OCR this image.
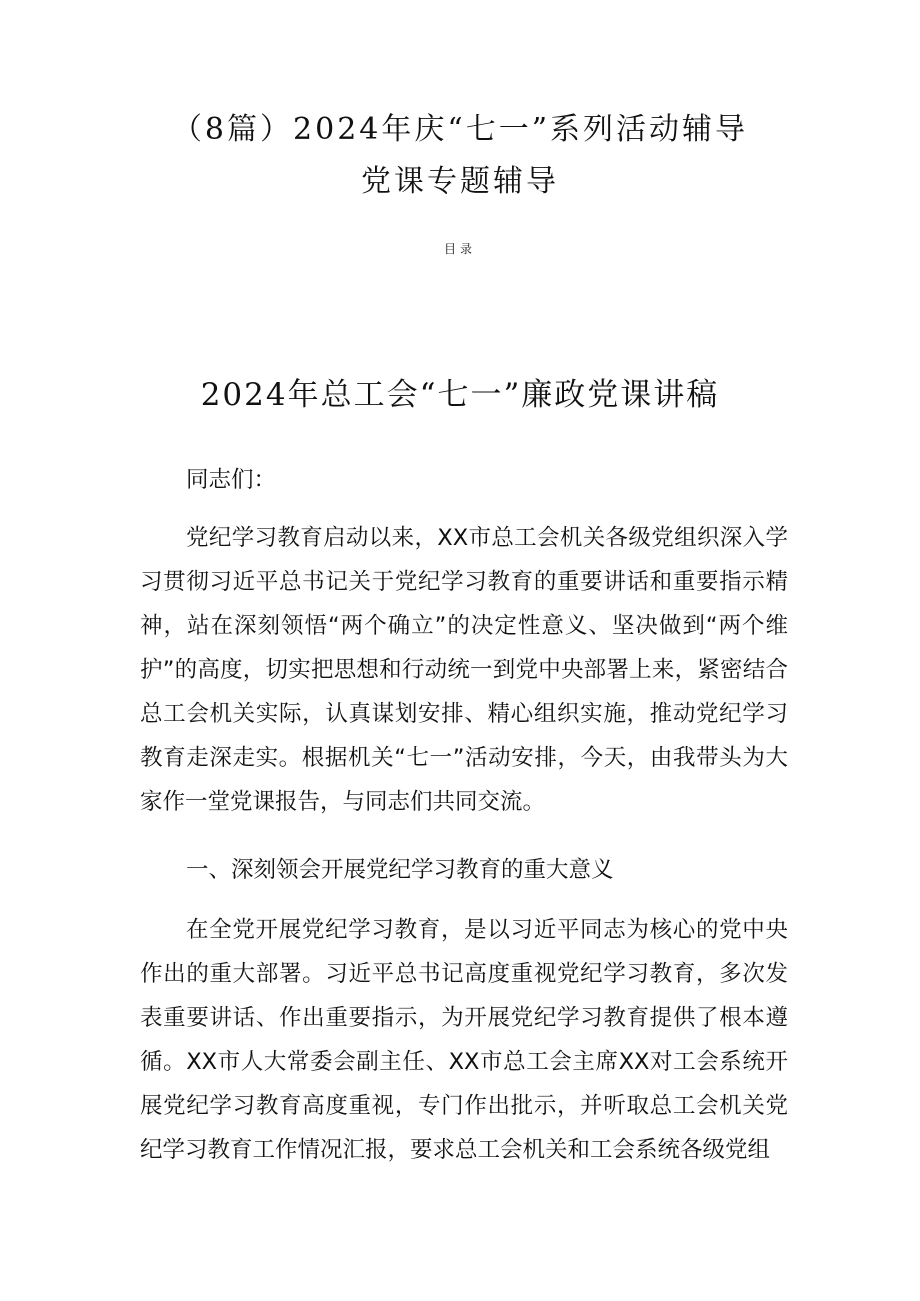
（8篇）2024年庆“七一”系列活动辅导
党课专题辅导
目录
2024年总工会“七一”廉政党课讲稿

同志们：

党纪学习教育启动以来，XX市总工会机关各级党组织深入学习贯彻习近平总书记关于党纪学习教育的重要讲话和重要指示精神，站在深刻领悟“两个确立”的决定性意义、坚决做到“两个维护”的高度，切实把思想和行动统一到党中央部署上来，紧密结合总工会机关实际，认真谋划安排、精心组织实施，推动党纪学习教育走深走实。根据机关“七一”活动安排，今天，由我带头为大家作一堂党课报告，与同志们共同交流。

一、深刻领会开展党纪学习教育的重大意义

在全党开展党纪学习教育，是以习近平同志为核心的党中央作出的重大部署。习近平总书记高度重视党纪学习教育，多次发表重要讲话、作出重要指示，为开展党纪学习教育提供了根本遵循。XX市人大常委会副主任、XX市总工会主席XX对工会系统开展党纪学习教育高度重视，专门作出批示，并听取总工会机关党纪学习教育工作情况汇报，要求总工会机关和工会系统各级党组
